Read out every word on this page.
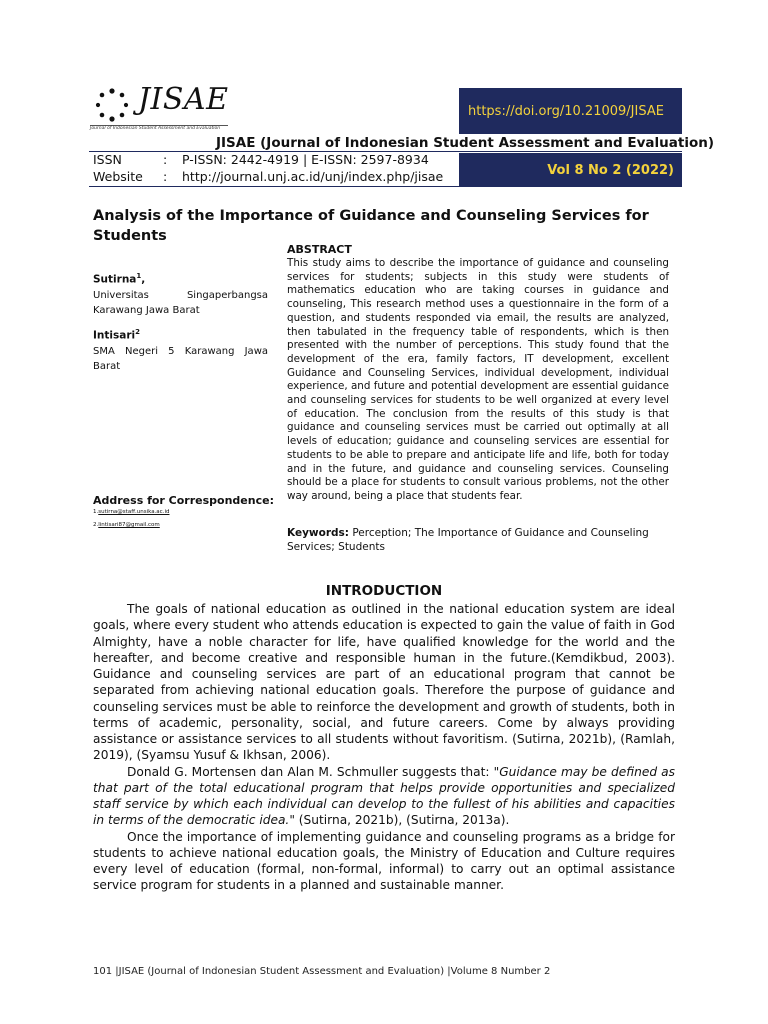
JISAE
Journal of Indonesian Student Assessment and Evaluation
https://doi.org/10.21009/JISAE
JISAE (Journal of Indonesian Student Assessment and Evaluation)
ISSN	: P-ISSN: 2442-4919 | E-ISSN: 2597-8934
Website : http://journal.unj.ac.id/unj/index.php/jisae	Vol 8 No 2 (2022)
Analysis of the Importance of Guidance and Counseling Services for Students
Sutirna$^1$,
Universitas Singaperbangsa Karawang Jawa Barat
Intisari$^2$
SMA Negeri 5 Karawang Jawa Barat
Address for Correspondence:
1.sutirna@staff.unsika.ac.id
2.lintisari87@gmail.com
ABSTRACT
This study aims to describe the importance of guidance and counseling services for students; subjects in this study were students of mathematics education who are taking courses in guidance and counseling, This research method uses a questionnaire in the form of a question, and students responded via email, the results are analyzed, then tabulated in the frequency table of respondents, which is then presented with the number of perceptions. This study found that the development of the era, family factors, IT development, excellent Guidance and Counseling Services, individual development, individual experience, and future and potential development are essential guidance and counseling services for students to be well organized at every level of education. The conclusion from the results of this study is that guidance and counseling services must be carried out optimally at all levels of education; guidance and counseling services are essential for students to be able to prepare and anticipate life and life, both for today and in the future, and guidance and counseling services. Counseling should be a place for students to consult various problems, not the other way around, being a place that students fear.
Keywords: Perception; The Importance of Guidance and Counseling Services; Students
INTRODUCTION

The goals of national education as outlined in the national education system are ideal goals, where every student who attends education is expected to gain the value of faith in God Almighty, have a noble character for life, have qualified knowledge for the world and the hereafter, and become creative and responsible human in the future.(Kemdikbud, 2003). Guidance and counseling services are part of an educational program that cannot be separated from achieving national education goals. Therefore the purpose of guidance and counseling services must be able to reinforce the development and growth of students, both in terms of academic, personality, social, and future careers. Come by always providing assistance or assistance services to all students without favoritism. (Sutirna, 2021b), (Ramlah, 2019), (Syamsu Yusuf & Ikhsan, 2006).

Donald G. Mortensen dan Alan M. Schmuller suggests that: "Guidance may be defined as that part of the total educational program that helps provide opportunities and specialized staff service by which each individual can develop to the fullest of his abilities and capacities in terms of the democratic idea." (Sutirna, 2021b), (Sutirna, 2013a).

Once the importance of implementing guidance and counseling programs as a bridge for students to achieve national education goals, the Ministry of Education and Culture requires every level of education (formal, non-formal, informal) to carry out an optimal assistance service program for students in a planned and sustainable manner.

101 |JISAE (Journal of Indonesian Student Assessment and Evaluation) |Volume 8 Number 2
